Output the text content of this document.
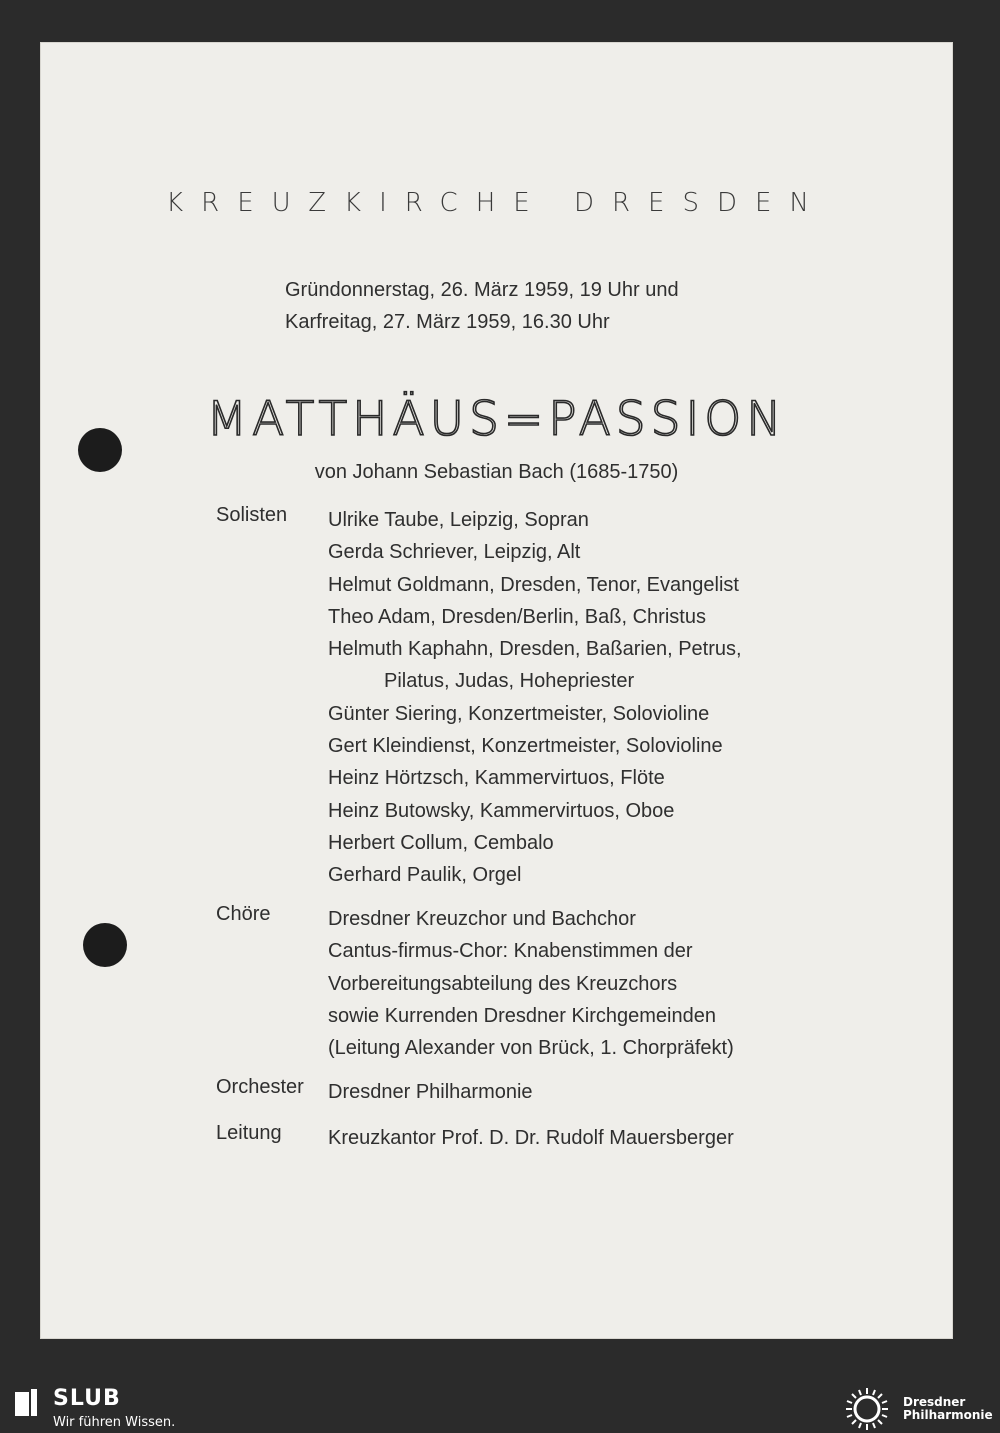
KREUZKIRCHE DRESDEN
Gründonnerstag, 26. März 1959, 19 Uhr und
Karfreitag, 27. März 1959, 16.30 Uhr
MATTHÄUS=PASSION
von Johann Sebastian Bach (1685-1750)
Solisten	Ulrike Taube, Leipzig, Sopran
Gerda Schriever, Leipzig, Alt
Helmut Goldmann, Dresden, Tenor, Evangelist
Theo Adam, Dresden/Berlin, Baß, Christus
Helmuth Kaphahn, Dresden, Baßarien, Petrus,
Pilatus, Judas, Hohepriester
Günter Siering, Konzertmeister, Solovioline
Gert Kleindienst, Konzertmeister, Solovioline
Heinz Hörtzsch, Kammervirtuos, Flöte
Heinz Butowsky, Kammervirtuos, Oboe
Herbert Collum, Cembalo
Gerhard Paulik, Orgel
Chöre	Dresdner Kreuzchor und Bachchor
Cantus-firmus-Chor: Knabenstimmen der
Vorbereitungsabteilung des Kreuzchors
sowie Kurrenden Dresdner Kirchgemeinden
(Leitung Alexander von Brück, 1. Chorpräfekt)
Orchester	Dresdner Philharmonie
Leitung	Kreuzkantor Prof. D. Dr. Rudolf Mauersberger
SLUB
Wir führen Wissen.
Dresdner
Philharmonie
